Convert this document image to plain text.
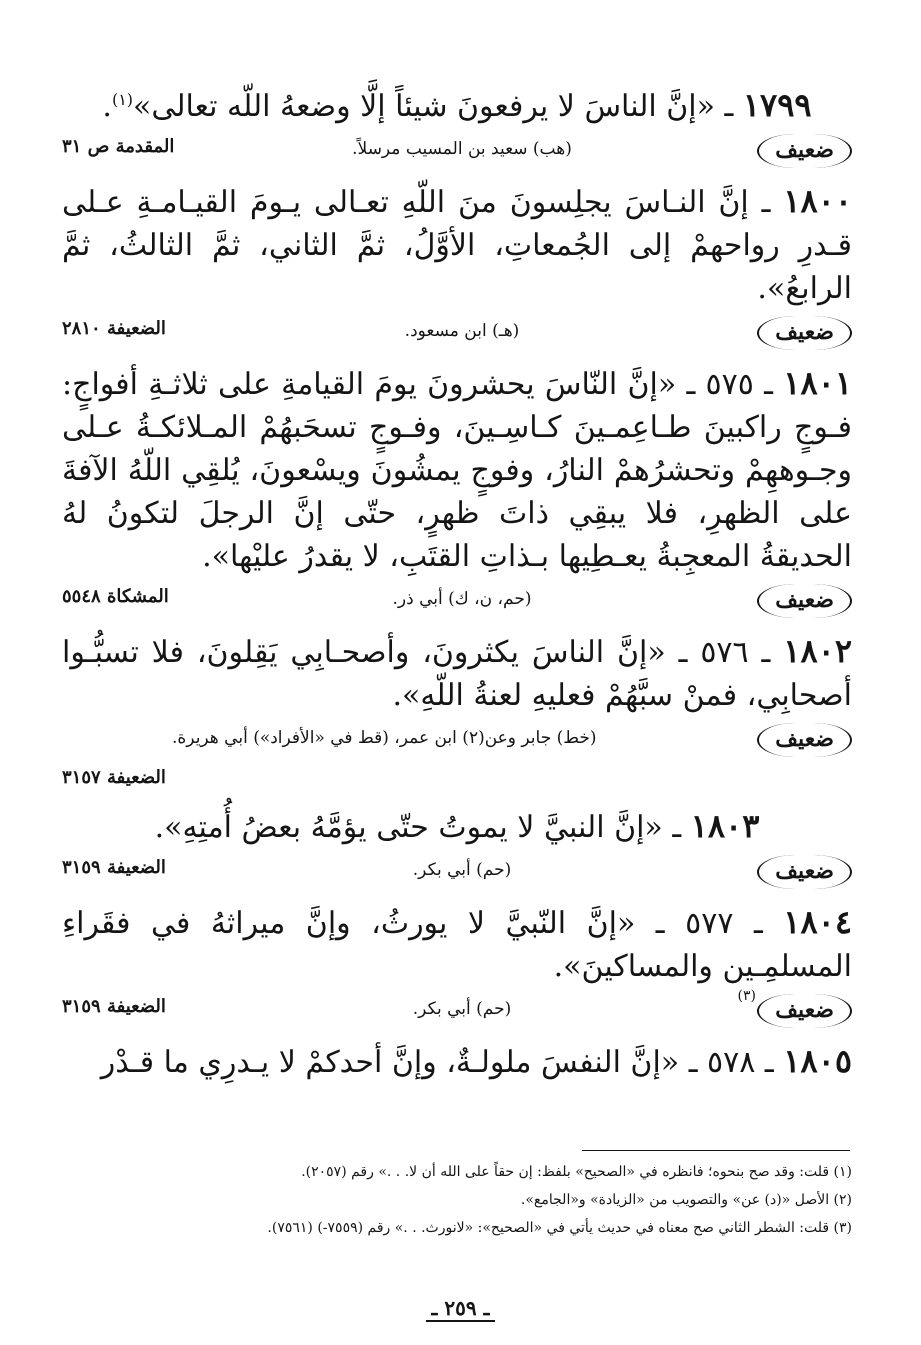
١٧٩٩ ـ «إنَّ الناسَ لا يرفعونَ شيئاً إلَّا وضعهُ اللّه تعالى»$^{(١)}$.

ضعيف
(هب) سعيد بن المسيب مرسلاً.
المقدمة ص ٣١

١٨٠٠ ـ إنَّ النـاسَ يجلِسونَ منَ اللّهِ تعـالى يـومَ القيـامـةِ عـلى قـدرِ رواحهمْ إلى الجُمعاتِ، الأوَّلُ، ثمَّ الثاني، ثمَّ الثالثُ، ثمَّ الرابعُ».

ضعيف
(هـ) ابن مسعود.
الضعيفة ٢٨١٠

١٨٠١ ـ ٥٧٥ ـ «إنَّ النّاسَ يحشرونَ يومَ القيامةِ على ثلاثـةِ أفواجٍ: فـوجٍ راكبينَ طـاعِمـينَ كـاسِـينَ، وفـوجٍ تسحَبهُمْ المـلائكـةُ عـلى وجـوههِمْ وتحشرُهمْ النارُ، وفوجٍ يمشُونَ ويسْعونَ، يُلقِي اللّهُ الآفةَ على الظهرِ، فلا يبقِي ذاتَ ظهرٍ، حتّى إنَّ الرجلَ لتكونُ لهُ الحديقةُ المعجِبةُ يعـطِيها بـذاتِ القتَبِ، لا يقدرُ عليْها».

ضعيف
(حم، ن، ك) أبي ذر.
المشكاة ٥٥٤٨

١٨٠٢ ـ ٥٧٦ ـ «إنَّ الناسَ يكثرونَ، وأصحـابِي يَقِلونَ، فلا تسبُّـوا أصحابِي، فمنْ سبَّهُمْ فعليهِ لعنةُ اللّهِ».

ضعيف
(خط) جابر وعن(٢) ابن عمر، (قط في «الأفراد») أبي هريرة.
الضعيفة ٣١٥٧

١٨٠٣ ـ «إنَّ النبيَّ لا يموتُ حتّى يؤمَّهُ بعضُ أُمتِهِ».

ضعيف
(حم) أبي بكر.
الضعيفة ٣١٥٩

١٨٠٤ ـ ٥٧٧ ـ «إنَّ النّبيَّ لا يورثُ، وإنَّ ميراثهُ في فقَراءِ المسلمِـين والمساكينَ».

ضعيف
(٣)
(حم) أبي بكر.
الضعيفة ٣١٥٩

١٨٠٥ ـ ٥٧٨ ـ «إنَّ النفسَ ملولـةٌ، وإنَّ أحدكمْ لا يـدرِي ما قـدْر

(١) قلت: وقد صح بنحوه؛ فانظره في «الصحيح» بلفظ: إن حقاً على الله أن لا. . .» رقم (٢٠٥٧).
(٢) الأصل «(د) عن» والتصويب من «الزيادة» و«الجامع».
(٣) قلت: الشطر الثاني صح معناه في حديث يأتي في «الصحيح»: «لانورث. . .» رقم (٧٥٥٩-) (٧٥٦١).
ـ ٢٥٩ ـ
